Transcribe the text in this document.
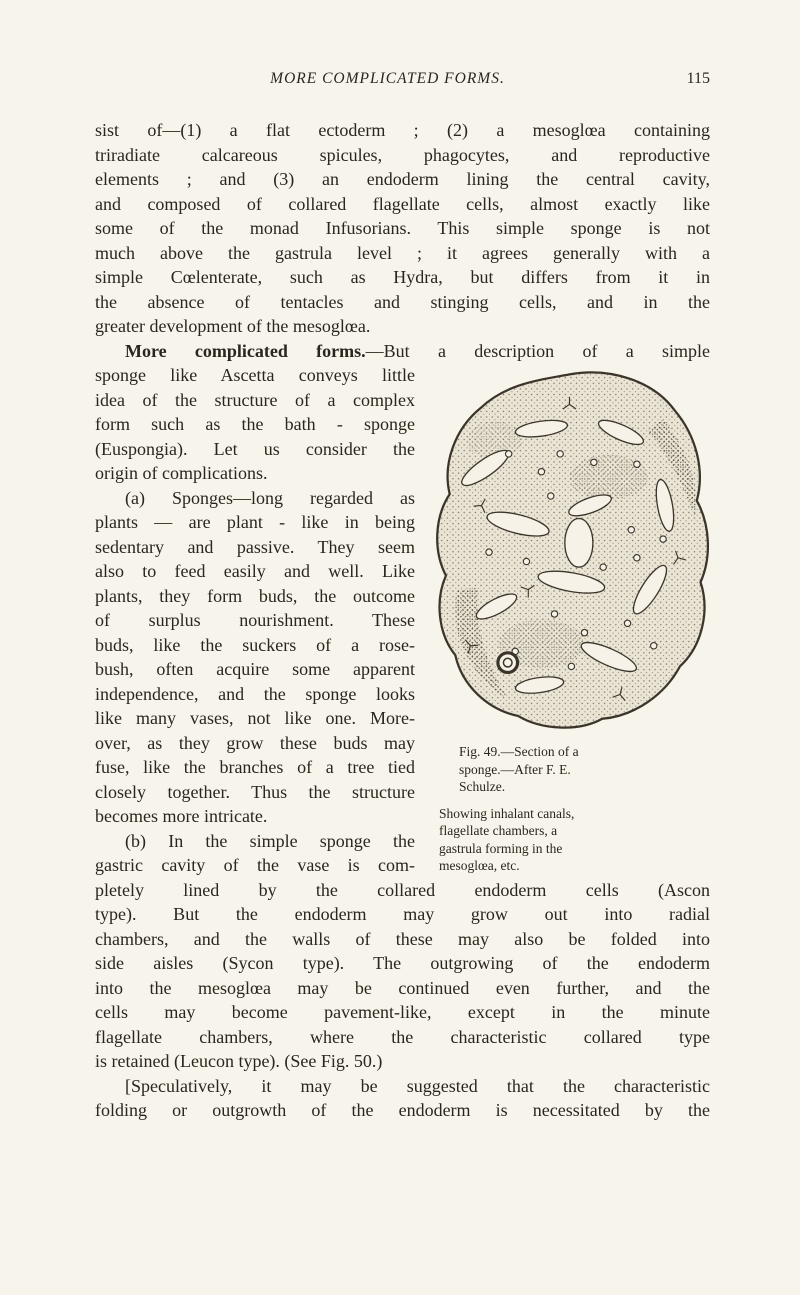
MORE COMPLICATED FORMS.	115
sist of—(1) a flat ectoderm ; (2) a mesoglœa containing
triradiate calcareous spicules, phagocytes, and reproductive
elements ; and (3) an endoderm lining the central cavity,
and composed of collared flagellate cells, almost exactly like
some of the monad Infusorians. This simple sponge is not
much above the gastrula level ; it agrees generally with a
simple Cœlenterate, such as Hydra, but differs from it in
the absence of tentacles and stinging cells, and in the
greater development of the mesoglœa.
More complicated forms.—But a description of a simple
sponge like Ascetta conveys little
idea of the structure of a complex
form such as the bath - sponge
(Euspongia). Let us consider the
origin of complications.
(a) Sponges—long regarded as
plants — are plant - like in being
sedentary and passive. They seem
also to feed easily and well. Like
plants, they form buds, the outcome
of surplus nourishment. These
buds, like the suckers of a rose-
bush, often acquire some apparent
independence, and the sponge looks
like many vases, not like one. More-
over, as they grow these buds may
fuse, like the branches of a tree tied
closely together. Thus the structure
becomes more intricate.
(b) In the simple sponge the
gastric cavity of the vase is com-
Fig. 49.—Section of a
sponge.—After F. E.
Schulze.
Showing inhalant canals,
flagellate chambers, a
gastrula forming in the
mesoglœa, etc.
pletely lined by the collared endoderm cells (Ascon
type). But the endoderm may grow out into radial
chambers, and the walls of these may also be folded into
side aisles (Sycon type). The outgrowing of the endoderm
into the mesoglœa may be continued even further, and the
cells may become pavement-like, except in the minute
flagellate chambers, where the characteristic collared type
is retained (Leucon type). (See Fig. 50.)
[Speculatively, it may be suggested that the characteristic
folding or outgrowth of the endoderm is necessitated by the
